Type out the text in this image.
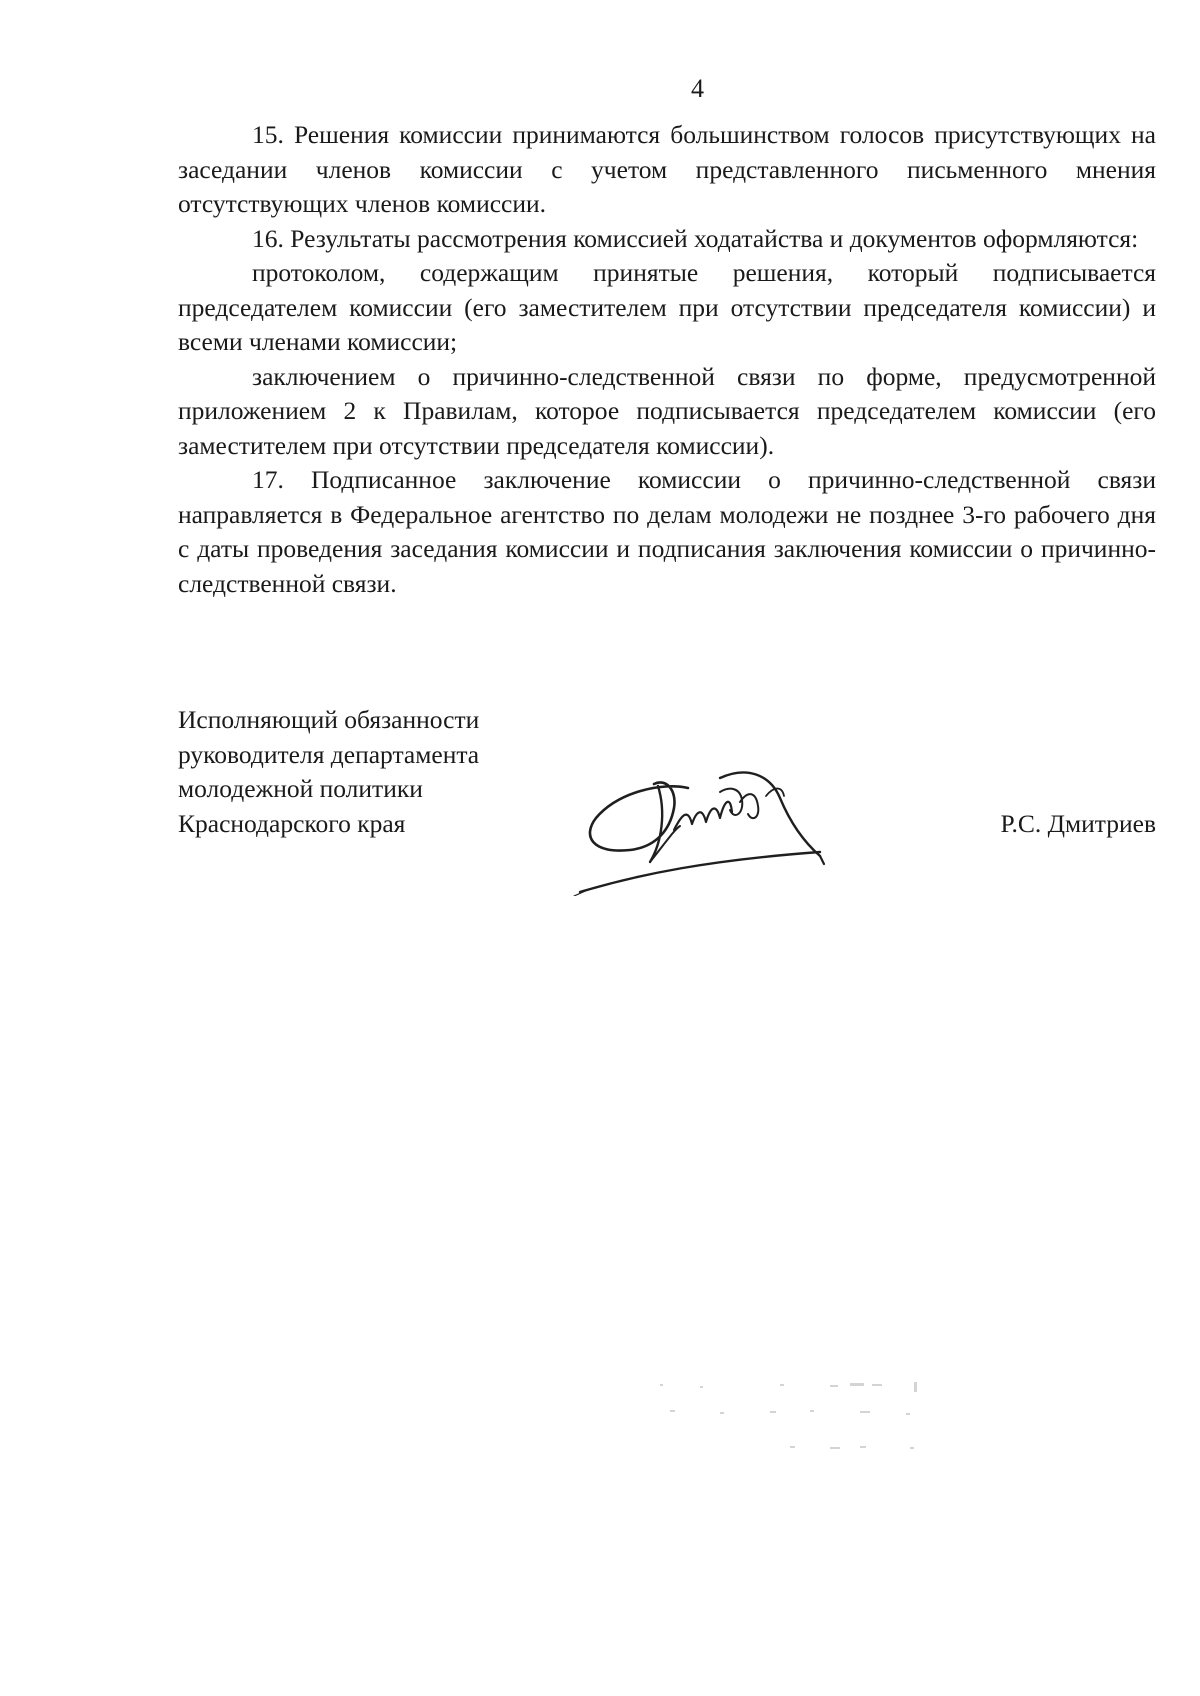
4

15. Решения комиссии принимаются большинством голосов присутствующих на заседании членов комиссии с учетом представленного письменного мнения отсутствующих членов комиссии.

16. Результаты рассмотрения комиссией ходатайства и документов оформляются:

протоколом, содержащим принятые решения, который подписывается председателем комиссии (его заместителем при отсутствии председателя комиссии) и всеми членами комиссии;

заключением о причинно-следственной связи по форме, предусмотренной приложением 2 к Правилам, которое подписывается председателем комиссии (его заместителем при отсутствии председателя комиссии).

17. Подписанное заключение комиссии о причинно-следственной связи направляется в Федеральное агентство по делам молодежи не позднее 3-го рабочего дня с даты проведения заседания комиссии и подписания заключения комиссии о причинно-следственной связи.

Исполняющий обязанности
руководителя департамента
молодежной политики
Краснодарского края	Р.С. Дмитриев
